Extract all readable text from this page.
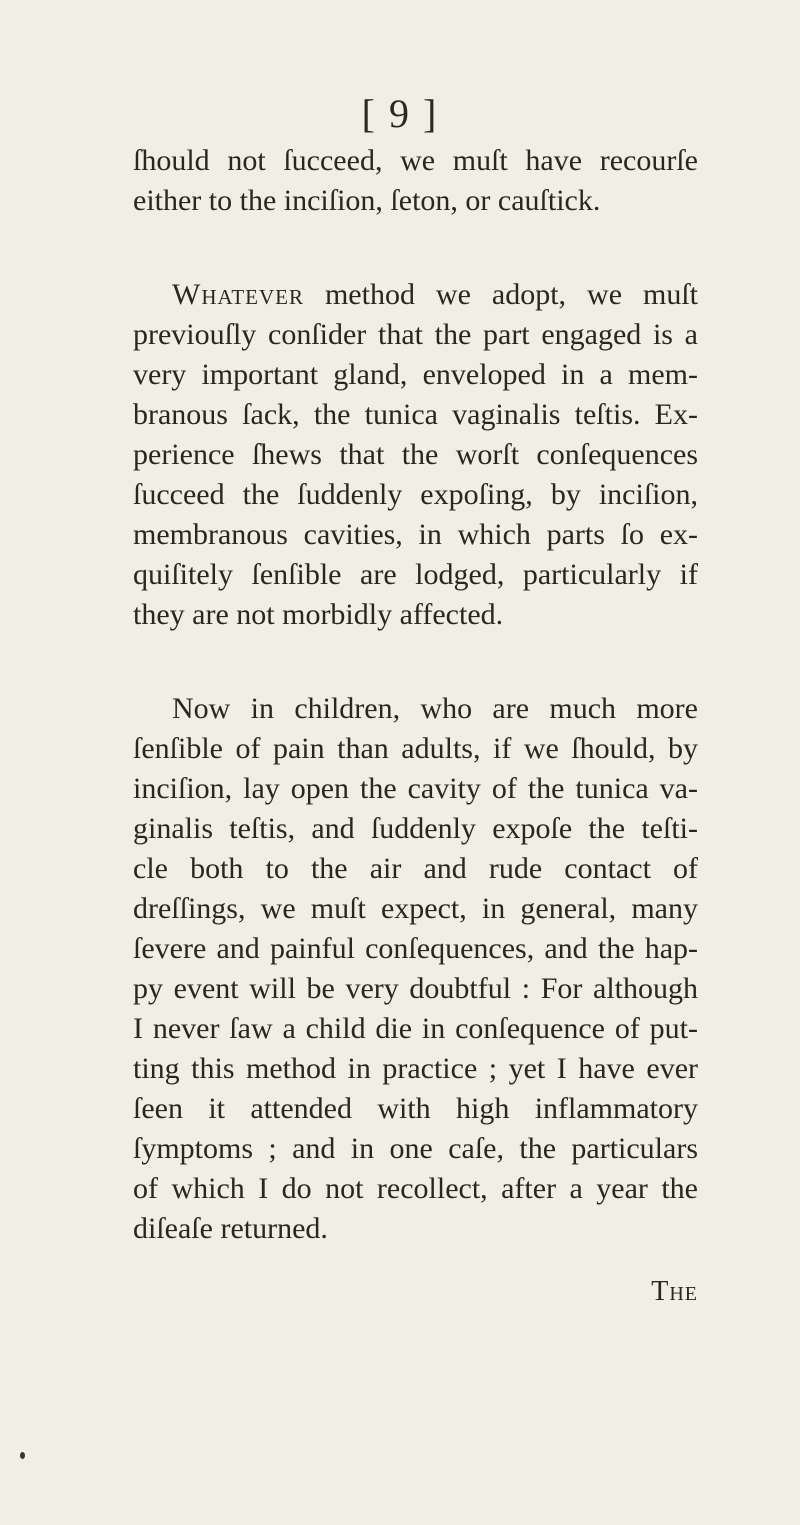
[ 9 ]
ſhould not ſucceed, we muſt have recourſe
either to the inciſion, ſeton, or cauſtick.
Whatever method we adopt, we muſt
previouſly conſider that the part engaged is a
very important gland, enveloped in a mem-
branous ſack, the tunica vaginalis teſtis. Ex-
perience ſhews that the worſt conſequences
ſucceed the ſuddenly expoſing, by inciſion,
membranous cavities, in which parts ſo ex-
quiſitely ſenſible are lodged, particularly if
they are not morbidly affected.
Now in children, who are much more
ſenſible of pain than adults, if we ſhould, by
inciſion, lay open the cavity of the tunica va-
ginalis teſtis, and ſuddenly expoſe the teſti-
cle both to the air and rude contact of
dreſſings, we muſt expect, in general, many
ſevere and painful conſequences, and the hap-
py event will be very doubtful : For although
I never ſaw a child die in conſequence of put-
ting this method in practice ; yet I have ever
ſeen it attended with high inflammatory
ſymptoms ; and in one caſe, the particulars
of which I do not recollect, after a year the
diſeaſe returned.
The
